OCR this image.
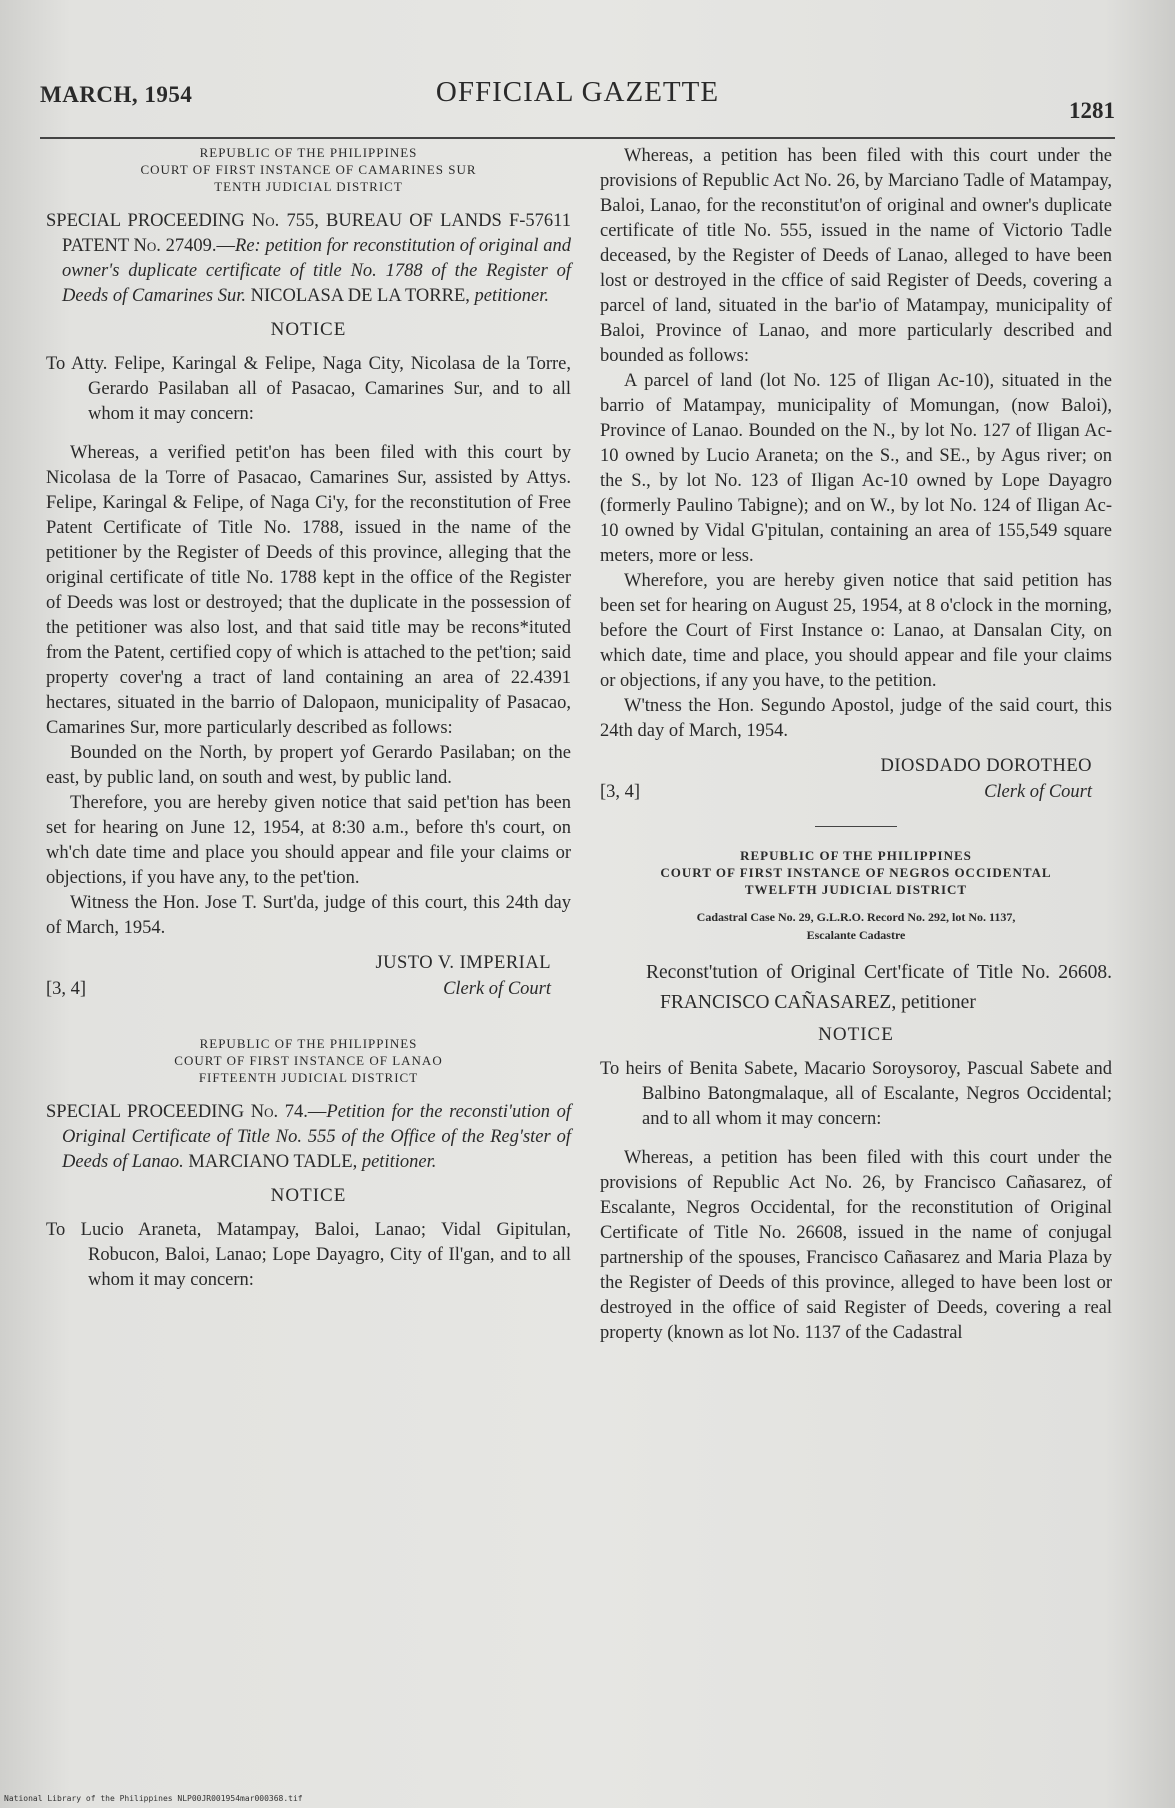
MARCH, 1954	OFFICIAL GAZETTE
1281

REPUBLIC OF THE PHILIPPINES

COURT OF FIRST INSTANCE OF CAMARINES SUR

TENTH JUDICIAL DISTRICT

SPECIAL PROCEEDING No. 755, BUREAU OF LANDS F-57611 PATENT No. 27409.—Re: petition for reconstitution of original and owner's duplicate certificate of title No. 1788 of the Register of Deeds of Camarines Sur. NICOLASA DE LA TORRE, petitioner.
NOTICE
To Atty. Felipe, Karingal & Felipe, Naga City, Nicolasa de la Torre, Gerardo Pasilaban all of Pasacao, Camarines Sur, and to all whom it may concern:

Whereas, a verified petit'on has been filed with this court by Nicolasa de la Torre of Pasacao, Camarines Sur, assisted by Attys. Felipe, Karingal & Felipe, of Naga Ci'y, for the reconstitution of Free Patent Certificate of Title No. 1788, issued in the name of the petitioner by the Register of Deeds of this province, alleging that the original certificate of title No. 1788 kept in the office of the Register of Deeds was lost or destroyed; that the duplicate in the possession of the petitioner was also lost, and that said title may be recons*ituted from the Patent, certified copy of which is attached to the pet'tion; said property cover'ng a tract of land containing an area of 22.4391 hectares, situated in the barrio of Dalopaon, municipality of Pasacao, Camarines Sur, more particularly described as follows:

Bounded on the North, by propert yof Gerardo Pasilaban; on the east, by public land, on south and west, by public land.

Therefore, you are hereby given notice that said pet'tion has been set for hearing on June 12, 1954, at 8:30 a.m., before th's court, on wh'ch date time and place you should appear and file your claims or objections, if you have any, to the pet'tion.

Witness the Hon. Jose T. Surt'da, judge of this court, this 24th day of March, 1954.

[3, 4]
JUSTO V. IMPERIAL
Clerk of Court

REPUBLIC OF THE PHILIPPINES

COURT OF FIRST INSTANCE OF LANAO

FIFTEENTH JUDICIAL DISTRICT

SPECIAL PROCEEDING No. 74.—Petition for the reconsti'ution of Original Certificate of Title No. 555 of the Office of the Reg'ster of Deeds of Lanao. MARCIANO TADLE, petitioner.
NOTICE
To Lucio Araneta, Matampay, Baloi, Lanao; Vidal Gipitulan, Robucon, Baloi, Lanao; Lope Dayagro, City of Il'gan, and to all whom it may concern:

Whereas, a petition has been filed with this court under the provisions of Republic Act No. 26, by Marciano Tadle of Matampay, Baloi, Lanao, for the reconstitut'on of original and owner's duplicate certificate of title No. 555, issued in the name of Victorio Tadle deceased, by the Register of Deeds of Lanao, alleged to have been lost or destroyed in the cffice of said Register of Deeds, covering a parcel of land, situated in the bar'io of Matampay, municipality of Baloi, Province of Lanao, and more particularly described and bounded as follows:

A parcel of land (lot No. 125 of Iligan Ac-10), situated in the barrio of Matampay, municipality of Momungan, (now Baloi), Province of Lanao. Bounded on the N., by lot No. 127 of Iligan Ac-10 owned by Lucio Araneta; on the S., and SE., by Agus river; on the S., by lot No. 123 of Iligan Ac-10 owned by Lope Dayagro (formerly Paulino Tabigne); and on W., by lot No. 124 of Iligan Ac-10 owned by Vidal G'pitulan, containing an area of 155,549 square meters, more or less.

Wherefore, you are hereby given notice that said petition has been set for hearing on August 25, 1954, at 8 o'clock in the morning, before the Court of First Instance o: Lanao, at Dansalan City, on which date, time and place, you should appear and file your claims or objections, if any you have, to the petition.

W'tness the Hon. Segundo Apostol, judge of the said court, this 24th day of March, 1954.

[3, 4]
DIOSDADO DOROTHEO
Clerk of Court

REPUBLIC OF THE PHILIPPINES

COURT OF FIRST INSTANCE OF NEGROS OCCIDENTAL

TWELFTH JUDICIAL DISTRICT

Cadastral Case No. 29, G.L.R.O. Record No. 292, lot No. 1137,
Escalante Cadastre
Reconst'tution of Original Cert'ficate of Title No. 26608. FRANCISCO CAÑASAREZ, petitioner
NOTICE
To heirs of Benita Sabete, Macario Soroysoroy, Pascual Sabete and Balbino Batongmalaque, all of Escalante, Negros Occidental; and to all whom it may concern:

Whereas, a petition has been filed with this court under the provisions of Republic Act No. 26, by Francisco Cañasarez, of Escalante, Negros Occidental, for the reconstitution of Original Certificate of Title No. 26608, issued in the name of conjugal partnership of the spouses, Francisco Cañasarez and Maria Plaza by the Register of Deeds of this province, alleged to have been lost or destroyed in the office of said Register of Deeds, covering a real property (known as lot No. 1137 of the Cadastral

National Library of the Philippines NLP00JR001954mar000368.tif
